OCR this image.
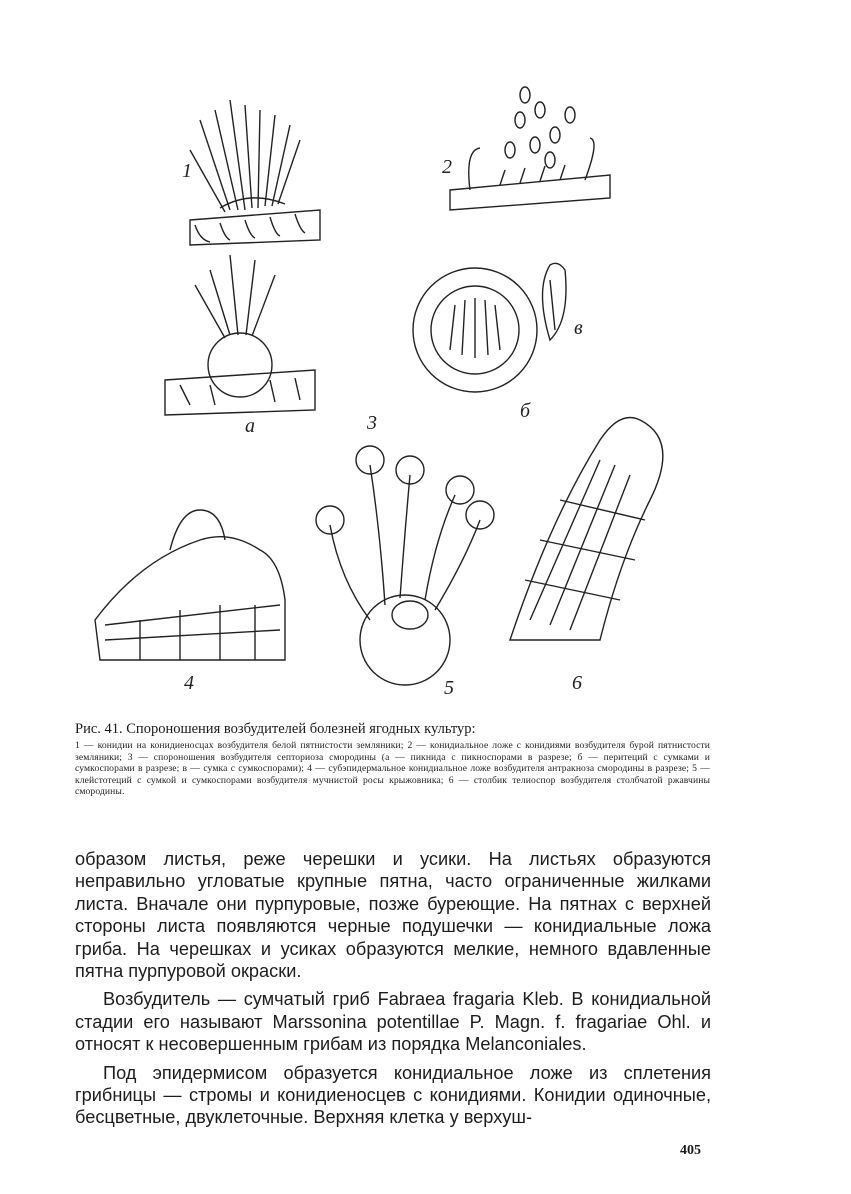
1	2
а	3
б
в
4	5	6

Рис. 41. Спороношения возбудителей болезней ягодных культур:

1 — конидии на конидиеносцах возбудителя белой пятнистости земляники; 2 — конидиальное ложе с конидиями возбудителя бурой пятнистости земляники; 3 — спороношения возбудителя септориоза смородины (а — пикнида с пикноспорами в разрезе; б — перитеций с сумками и сумкоспорами в разрезе; в — сумка с сумкоспорами); 4 — субэпидермальное конидиальное ложе возбудителя антракноза смородины в разрезе; 5 — клейстотеций с сумкой и сумкоспорами возбудителя мучнистой росы крыжовника; 6 — столбик телиоспор возбудителя столбчатой ржавчины смородины.

образом листья, реже черешки и усики. На листьях образуются неправильно угловатые крупные пятна, часто ограниченные жилками листа. Вначале они пурпуровые, позже буреющие. На пятнах с верхней стороны листа появляются черные подушечки — конидиальные ложа гриба. На черешках и усиках образуются мелкие, немного вдавленные пятна пурпуровой окраски.

Возбудитель — сумчатый гриб Fabraea fragaria Kleb. В конидиальной стадии его называют Marssonina potentillae P. Magn. f. fragariae Ohl. и относят к несовершенным грибам из порядка Melanconiales.

Под эпидермисом образуется конидиальное ложе из сплетения грибницы — стромы и конидиеносцев с конидиями. Конидии одиночные, бесцветные, двуклеточные. Верхняя клетка у верхуш-

405
